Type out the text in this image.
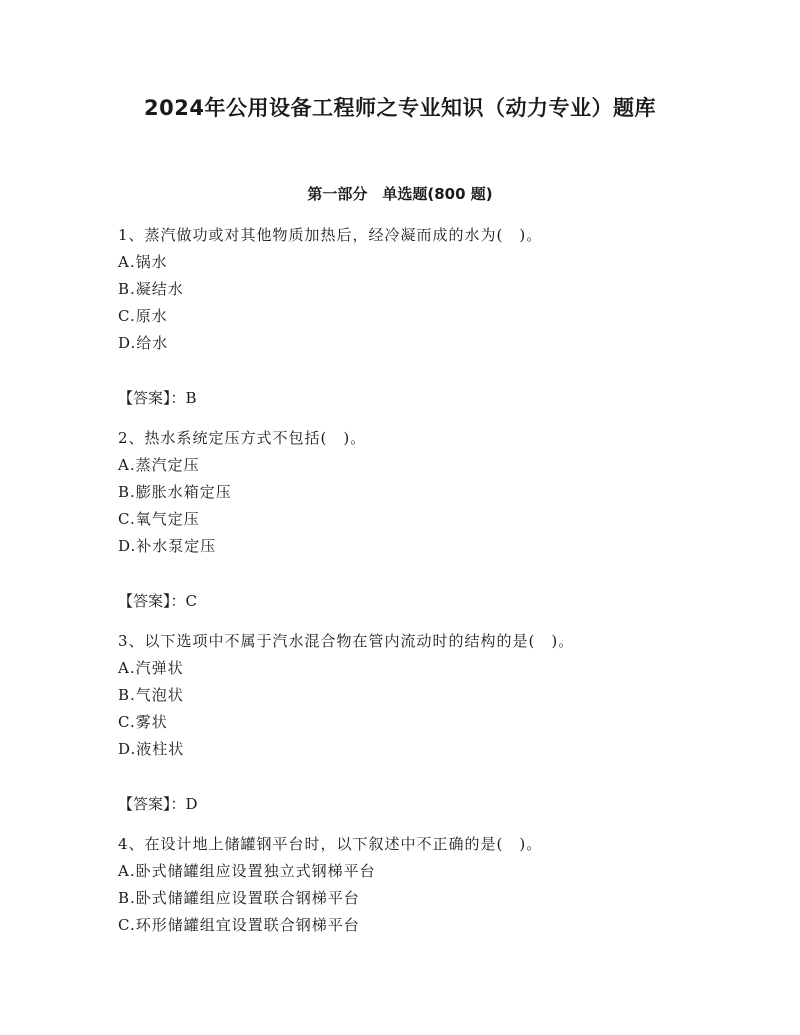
2024年公用设备工程师之专业知识（动力专业）题库
第一部分　单选题(800 题)
1、蒸汽做功或对其他物质加热后，经冷凝而成的水为(　)。
A.锅水
B.凝结水
C.原水
D.给水
【答案】：B
2、热水系统定压方式不包括(　)。
A.蒸汽定压
B.膨胀水箱定压
C.氧气定压
D.补水泵定压
【答案】：C
3、以下选项中不属于汽水混合物在管内流动时的结构的是(　)。
A.汽弹状
B.气泡状
C.雾状
D.液柱状
【答案】：D
4、在设计地上储罐钢平台时，以下叙述中不正确的是(　)。
A.卧式储罐组应设置独立式钢梯平台
B.卧式储罐组应设置联合钢梯平台
C.环形储罐组宜设置联合钢梯平台
